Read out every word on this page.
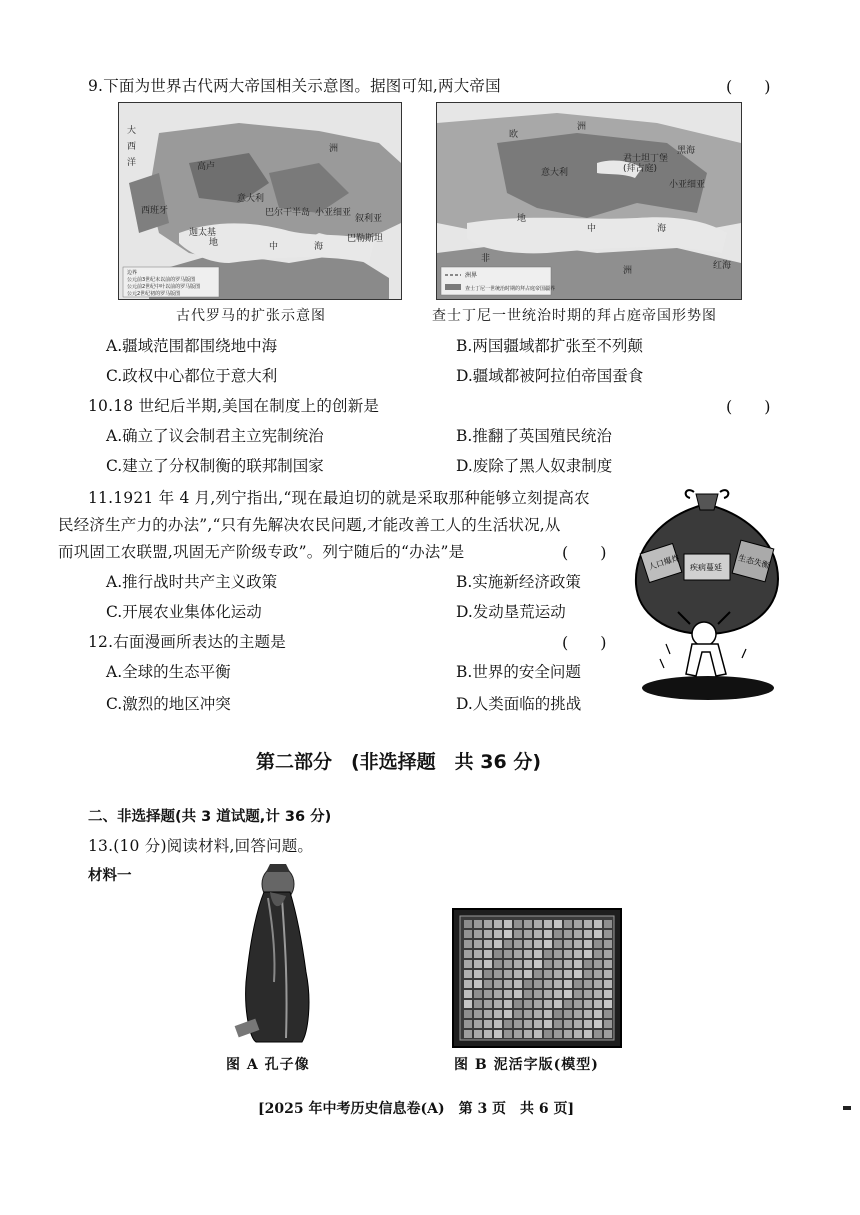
9.下面为世界古代两大帝国相关示意图。据图可知,两大帝国	(　　)
大
西
洋	高卢
西班牙
意大利
巴尔干半岛 小亚细亚
地	中	海
洲
迦太基
叙利亚
巴勒斯坦
边界
公元前3世纪末以前的罗马版图
公元前2世纪中叶以前的罗马版图
公元2世纪初的罗马版图
古代罗马的扩张示意图
欧
洲
意大利
君士坦丁堡
(拜占庭)
黑海
小亚细亚
地
中	海
非
洲	红海
洲界
查士丁尼一世统治时期的拜占庭帝国疆界
查士丁尼一世统治时期的拜占庭帝国形势图
A.疆域范围都围绕地中海	B.两国疆域都扩张至不列颠
C.政权中心都位于意大利	D.疆域都被阿拉伯帝国蚕食
10.18 世纪后半期,美国在制度上的创新是	(　　)
A.确立了议会制君主立宪制统治	B.推翻了英国殖民统治
C.建立了分权制衡的联邦制国家	D.废除了黑人奴隶制度
11.1921 年 4 月,列宁指出,“现在最迫切的就是采取那种能够立刻提高农
民经济生产力的办法”,“只有先解决农民问题,才能改善工人的生活状况,从
而巩固工农联盟,巩固无产阶级专政”。列宁随后的“办法”是	(　　)
A.推行战时共产主义政策	B.实施新经济政策
C.开展农业集体化运动	D.发动垦荒运动
12.右面漫画所表达的主题是	(　　)
A.全球的生态平衡	B.世界的安全问题
C.激烈的地区冲突	D.人类面临的挑战
人口爆炸 疾病蔓延 生态失衡
第二部分　(非选择题　共 36 分)
二、非选择题(共 3 道试题,计 36 分)
13.(10 分)阅读材料,回答问题。
材料一
图 A 孔子像	图 B 泥活字版(模型)
[2025 年中考历史信息卷(A)　第 3 页　共 6 页]
